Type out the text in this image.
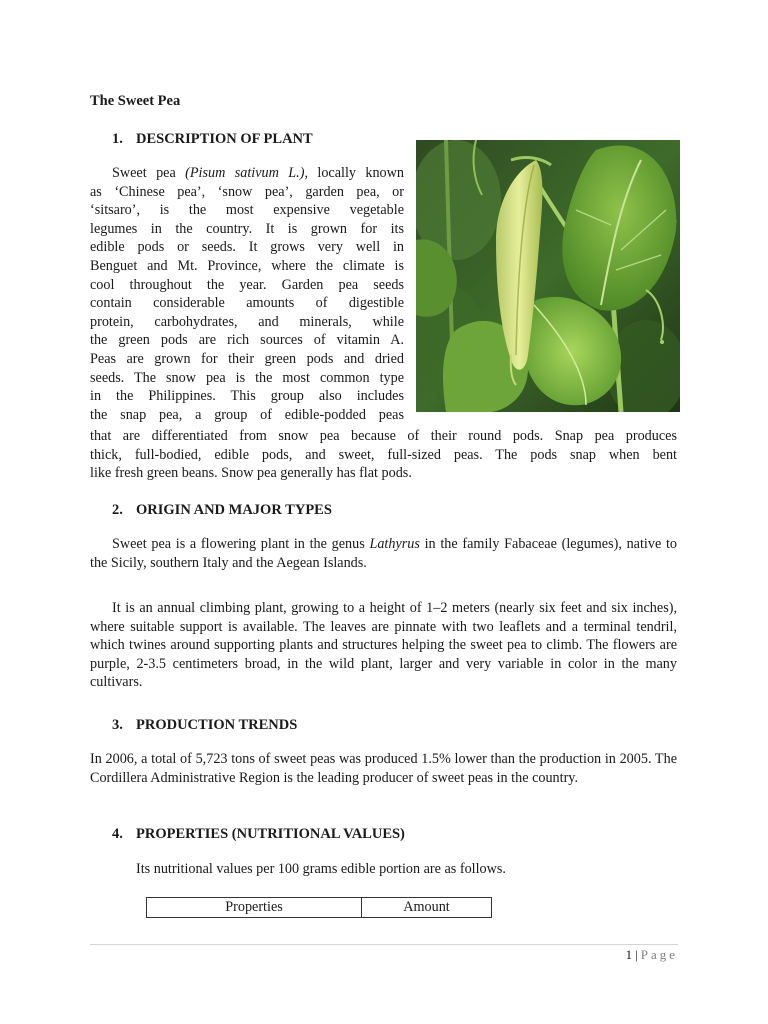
The Sweet Pea
1. DESCRIPTION OF PLANT
Sweet pea (Pisum sativum L.), locally known
as ‘Chinese pea’, ‘snow pea’, garden pea, or
‘sitsaro’, is the most expensive vegetable
legumes in the country. It is grown for its
edible pods or seeds. It grows very well in
Benguet and Mt. Province, where the climate is
cool throughout the year. Garden pea seeds
contain considerable amounts of digestible
protein, carbohydrates, and minerals, while
the green pods are rich sources of vitamin A.
Peas are grown for their green pods and dried
seeds. The snow pea is the most common type
in the Philippines. This group also includes
the snap pea, a group of edible-podded peas
that are differentiated from snow pea because of their round pods. Snap pea produces
thick, full-bodied, edible pods, and sweet, full-sized peas. The pods snap when bent
like fresh green beans. Snow pea generally has flat pods.
2. ORIGIN AND MAJOR TYPES

Sweet pea is a flowering plant in the genus Lathyrus in the family Fabaceae (legumes), native to the Sicily, southern Italy and the Aegean Islands.

It is an annual climbing plant, growing to a height of 1–2 meters (nearly six feet and six inches), where suitable support is available. The leaves are pinnate with two leaflets and a terminal tendril, which twines around supporting plants and structures helping the sweet pea to climb. The flowers are purple, 2-3.5 centimeters broad, in the wild plant, larger and very variable in color in the many cultivars.

3. PRODUCTION TRENDS

In 2006, a total of 5,723 tons of sweet peas was produced 1.5% lower than the production in 2005. The Cordillera Administrative Region is the leading producer of sweet peas in the country.

4. PROPERTIES (NUTRITIONAL VALUES)
Its nutritional values per 100 grams edible portion are as follows.
Properties	Amount
1 | Page
